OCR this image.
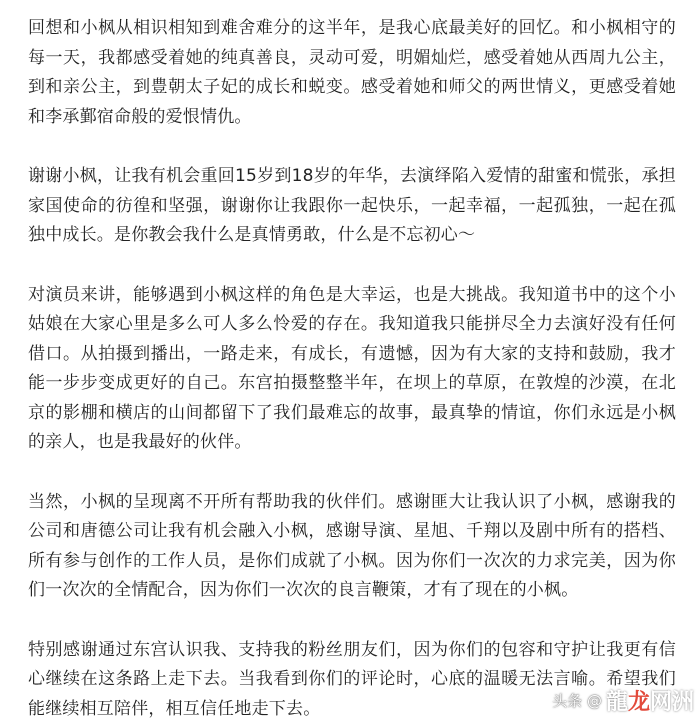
回想和小枫从相识相知到难舍难分的这半年，是我心底最美好的回忆。和小枫相守的每一天，我都感受着她的纯真善良，灵动可爱，明媚灿烂，感受着她从西周九公主，到和亲公主，到豊朝太子妃的成长和蜕变。感受着她和师父的两世情义，更感受着她和李承鄞宿命般的爱恨情仇。

谢谢小枫，让我有机会重回15岁到18岁的年华，去演绎陷入爱情的甜蜜和慌张，承担家国使命的彷徨和坚强，谢谢你让我跟你一起快乐，一起幸福，一起孤独，一起在孤独中成长。是你教会我什么是真情勇敢，什么是不忘初心～

对演员来讲，能够遇到小枫这样的角色是大幸运，也是大挑战。我知道书中的这个小姑娘在大家心里是多么可人多么怜爱的存在。我知道我只能拼尽全力去演好没有任何借口。从拍摄到播出，一路走来，有成长，有遗憾，因为有大家的支持和鼓励，我才能一步步变成更好的自己。东宫拍摄整整半年，在坝上的草原，在敦煌的沙漠，在北京的影棚和横店的山间都留下了我们最难忘的故事，最真挚的情谊，你们永远是小枫的亲人，也是我最好的伙伴。

当然，小枫的呈现离不开所有帮助我的伙伴们。感谢匪大让我认识了小枫，感谢我的公司和唐德公司让我有机会融入小枫，感谢导演、星旭、千翔以及剧中所有的搭档、所有参与创作的工作人员，是你们成就了小枫。因为你们一次次的力求完美，因为你们一次次的全情配合，因为你们一次次的良言鞭策，才有了现在的小枫。

特别感谢通过东宫认识我、支持我的粉丝朋友们，因为你们的包容和守护让我更有信心继续在这条路上走下去。当我看到你们的评论时，心底的温暖无法言喻。希望我们能继续相互陪伴，相互信任地走下去。	头条 @ 龍龙网洲
